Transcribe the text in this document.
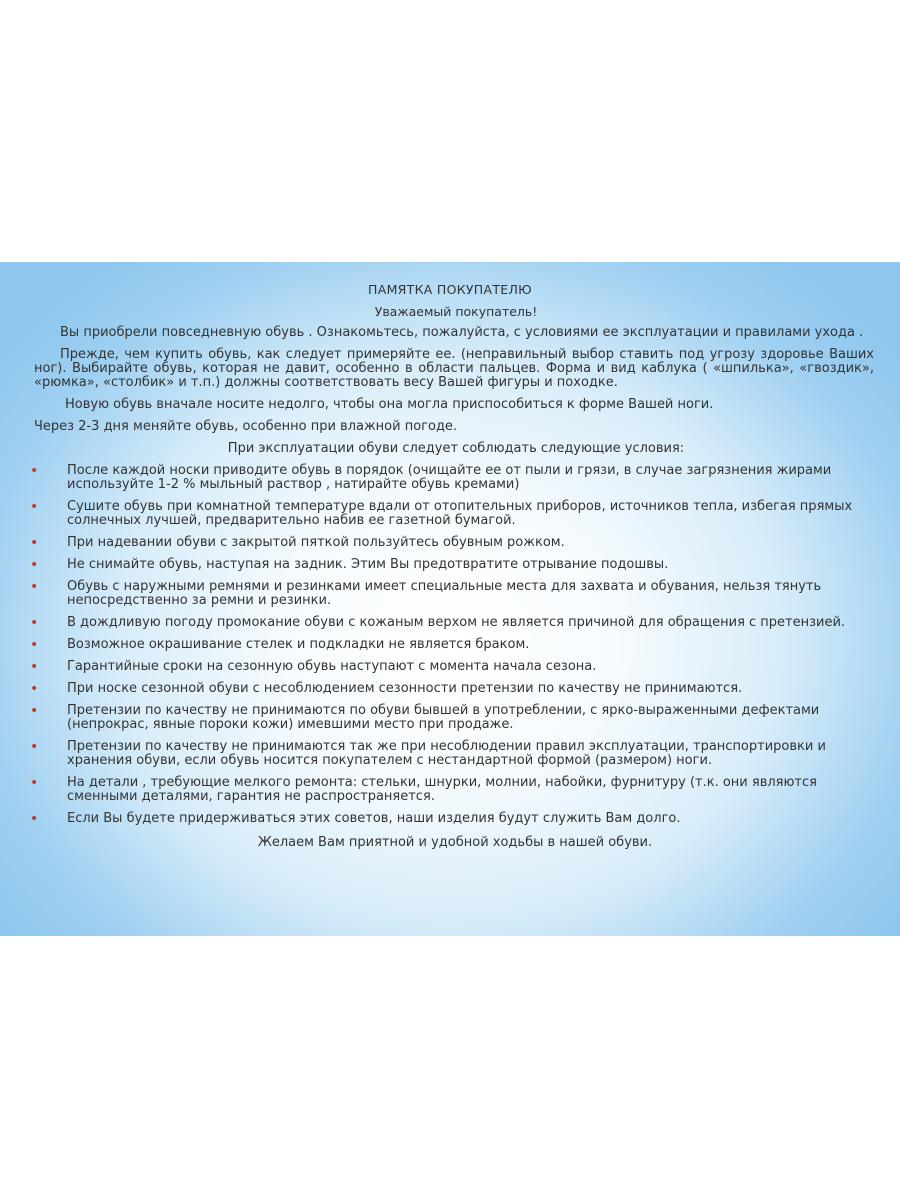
ПАМЯТКА ПОКУПАТЕЛЮ
Уважаемый покупатель!
Вы приобрели повседневную обувь . Ознакомьтесь, пожалуйста, с условиями ее эксплуатации и правилами ухода .
Прежде, чем купить обувь, как следует примеряйте ее. (неправильный выбор ставить под угрозу здоровье Ваших ног). Выбирайте обувь, которая не давит, особенно в области пальцев. Форма и вид каблука ( «шпилька», «гвоздик», «рюмка», «столбик» и т.п.) должны соответствовать весу Вашей фигуры и походке.
Новую обувь вначале носите недолго, чтобы она могла приспособиться к форме Вашей ноги.
Через 2-3 дня меняйте обувь, особенно при влажной погоде.
При эксплуатации обуви следует соблюдать следующие условия:
• После каждой носки приводите обувь в порядок (очищайте ее от пыли и грязи, в случае загрязнения жирами используйте 1-2 % мыльный раствор , натирайте обувь кремами)
• Сушите обувь при комнатной температуре вдали от отопительных приборов, источников тепла, избегая прямых солнечных лучшей, предварительно набив ее газетной бумагой.
• При надевании обуви с закрытой пяткой пользуйтесь обувным рожком.
• Не снимайте обувь, наступая на задник. Этим Вы предотвратите отрывание подошвы.
• Обувь с наружными ремнями и резинками имеет специальные места для захвата и обувания, нельзя тянуть непосредственно за ремни и резинки.
• В дождливую погоду промокание обуви с кожаным верхом не является причиной для обращения с претензией.
• Возможное окрашивание стелек и подкладки не является браком.
• Гарантийные сроки на сезонную обувь наступают с момента начала сезона.
• При носке сезонной обуви с несоблюдением сезонности претензии по качеству не принимаются.
• Претензии по качеству не принимаются по обуви бывшей в употреблении, с ярко-выраженными дефектами (непрокрас, явные пороки кожи) имевшими место при продаже.
• Претензии по качеству не принимаются так же при несоблюдении правил эксплуатации, транспортировки и хранения обуви, если обувь носится покупателем с нестандартной формой (размером) ноги.
• На детали , требующие мелкого ремонта: стельки, шнурки, молнии, набойки, фурнитуру (т.к. они являются сменными деталями, гарантия не распространяется.
• Если Вы будете придерживаться этих советов, наши изделия будут служить Вам долго.
Желаем Вам приятной и удобной ходьбы в нашей обуви.
